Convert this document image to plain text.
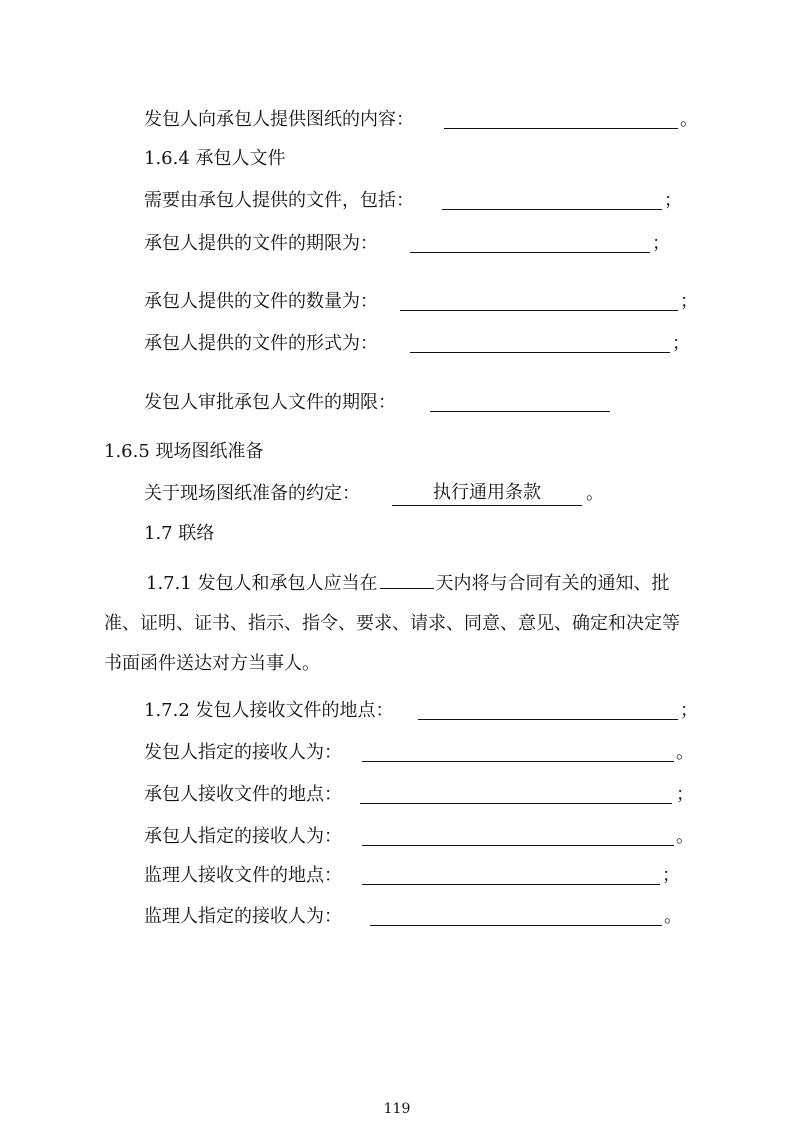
发包人向承包人提供图纸的内容：	。
1.6.4 承包人文件
需要由承包人提供的文件，包括：	；
承包人提供的文件的期限为：	；
承包人提供的文件的数量为：	；
承包人提供的文件的形式为：	；
发包人审批承包人文件的期限：
1.6.5 现场图纸准备
关于现场图纸准备的约定：	执行通用条款	。
1.7 联络
1.7.1 发包人和承包人应当在	天内将与合同有关的通知、批准、证明、证书、指示、指令、要求、请求、同意、意见、确定和决定等书面函件送达对方当事人。
1.7.2 发包人接收文件的地点：	；
发包人指定的接收人为：	。
承包人接收文件的地点：	；
承包人指定的接收人为：	。
监理人接收文件的地点：	；
监理人指定的接收人为：	。
119
